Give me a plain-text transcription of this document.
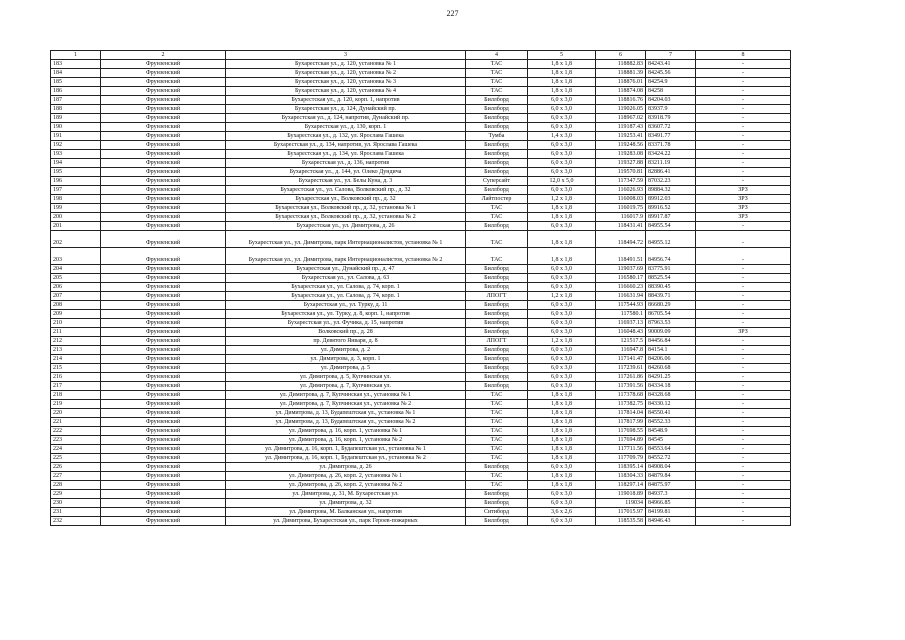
227
1	2	3	4	5	6	7	8
183	Фрунзенский	Бухарестская ул., д. 120, установка № 1	ТАС	1,8 х 1,8	118882.83	84243.41	-
184	Фрунзенский	Бухарестская ул., д. 120, установка № 2	ТАС	1,8 х 1,8	118881.39	84245.56	-
185	Фрунзенский	Бухарестская ул., д. 120, установка № 3	ТАС	1,8 х 1,8	118876.01	84254.9	-
186	Фрунзенский	Бухарестская ул., д. 120, установка № 4	ТАС	1,8 х 1,8	118874.08	84258	-
187	Фрунзенский	Бухарестская ул., д. 120, корп. 1, напротив	Биллборд	6,0 х 3,0	118816.76	84204.03	-
188	Фрунзенский	Бухарестская ул., д. 124, Дунайский пр.	Биллборд	6,0 х 3,0	119026.05	83937.9	-
189	Фрунзенский	Бухарестская ул., д. 124, напротив, Дунайский пр.	Биллборд	6,0 х 3,0	118967.02	83918.79	-
190	Фрунзенский	Бухарестская ул., д. 130, корп. 1	Биллборд	6,0 х 3,0	119187.43	83607.72	-
191	Фрунзенский	Бухарестская ул., д. 132, ул. Ярослава Гашека	Тумба	1,4 х 3,0	119253.41	83491.77	-
192	Фрунзенский	Бухарестская ул., д. 134, напротив, ул. Ярослава Гашека	Биллборд	6,0 х 3,0	119248.56	83371.78	-
193	Фрунзенский	Бухарестская ул., д. 134, ул. Ярослава Гашека	Биллборд	6,0 х 3,0	119283.08	83424.22	-
194	Фрунзенский	Бухарестская ул., д. 136, напротив	Биллборд	6,0 х 3,0	119327.88	83211.19	-
195	Фрунзенский	Бухарестская ул., д. 144, ул. Олеко Дундича	Биллборд	6,0 х 3,0	119570.81	82886.41	-
196	Фрунзенский	Бухарестская ул., ул. Белы Куна, д. 3	Суперсайт	12,0 х 5,0	117347.59	87032.23	-
197	Фрунзенский	Бухарестская ул., ул. Салова, Волковский пр., д. 32	Биллборд	6,0 х 3,0	116026.93	89884.32	ЗРЗ
198	Фрунзенский	Бухарестская ул., Волковский пр., д. 32	Лайтпостер	1,2 х 1,8	116008.03	89912.03	ЗРЗ
199	Фрунзенский	Бухарестская ул., Волковский пр., д. 32, установка № 1	ТАС	1,8 х 1,8	116019.75	89916.52	ЗРЗ
200	Фрунзенский	Бухарестская ул., Волковский пр., д. 32, установка № 2	ТАС	1,8 х 1,8	116017.9	89917.87	ЗРЗ
201	Фрунзенский	Бухарестская ул., ул. Димитрова, д. 26	Биллборд	6,0 х 3,0	118431.41	84955.54	-
202	Фрунзенский	Бухарестская ул., ул. Димитрова, парк Интернационалистов, установка № 1	ТАС	1,8 х 1,8	118494.72	84955.12	-
203	Фрунзенский	Бухарестская ул., ул. Димитрова, парк Интернационалистов, установка № 2	ТАС	1,8 х 1,8	118491.51	84956.74	-
204	Фрунзенский	Бухарестская ул., Дунайский пр., д. 47	Биллборд	6,0 х 3,0	119037.69	83775.91	-
205	Фрунзенский	Бухарестская ул., ул. Салова, д. 63	Биллборд	6,0 х 3,0	116580.17	88525.54	-
206	Фрунзенский	Бухарестская ул., ул. Салова, д. 74, корп. 1	Биллборд	6,0 х 3,0	116660.23	88390.45	-
207	Фрунзенский	Бухарестская ул., ул. Салова, д. 74, корп. 1	ЛПОГТ	1,2 х 1,8	116631.94	88439.71	-
208	Фрунзенский	Бухарестская ул., ул. Турку, д. 11	Биллборд	6,0 х 3,0	117544.93	86680.29	-
209	Фрунзенский	Бухарестская ул., ул. Турку, д. 8, корп. 1, напротив	Биллборд	6,0 х 3,0	117580.1	86705.54	-
210	Фрунзенский	Бухарестская ул., ул. Фучика, д. 15, напротив	Биллборд	6,0 х 3,0	116937.13	87963.53	-
211	Фрунзенский	Волковский пр., д. 28	Биллборд	6,0 х 3,0	116048.43	90009.09	ЗРЗ
212	Фрунзенский	пр. Девятого Января, д. 8	ЛПОГТ	1,2 х 1,8	121517.5	84456.84	-
213	Фрунзенский	ул. Димитрова, д. 2	Биллборд	6,0 х 3,0	116947.8	84154.1	-
214	Фрунзенский	ул. Димитрова, д. 3, корп. 1	Биллборд	6,0 х 3,0	117141.47	84206.06	-
215	Фрунзенский	ул. Димитрова, д. 5	Биллборд	6,0 х 3,0	117239.61	84260.68	-
216	Фрунзенский	ул. Димитрова, д. 5, Купчинская ул.	Биллборд	6,0 х 3,0	117261.86	84291.25	-
217	Фрунзенский	ул. Димитрова, д. 7, Купчинская ул.	Биллборд	6,0 х 3,0	117391.56	84334.18	-
218	Фрунзенский	ул. Димитрова, д. 7, Купчинская ул., установка № 1	ТАС	1,8 х 1,8	117378.68	84328.68	-
219	Фрунзенский	ул. Димитрова, д. 7, Купчинская ул., установка № 2	ТАС	1,8 х 1,8	117382.75	84330.12	-
220	Фрунзенский	ул. Димитрова, д. 13, Будапештская ул., установка № 1	ТАС	1,8 х 1,8	117814.04	84550.41	-
221	Фрунзенский	ул. Димитрова, д. 13, Будапештская ул., установка № 2	ТАС	1,8 х 1,8	117817.99	84552.33	-
222	Фрунзенский	ул. Димитрова, д. 16, корп. 1, установка № 1	ТАС	1,8 х 1,8	117698.55	84548.9	-
223	Фрунзенский	ул. Димитрова, д. 16, корп. 1, установка № 2	ТАС	1,8 х 1,8	117694.89	84545	-
224	Фрунзенский	ул. Димитрова, д. 16, корп. 1, Будапештская ул., установка № 1	ТАС	1,8 х 1,8	117711.56	84553.64	-
225	Фрунзенский	ул. Димитрова, д. 16, корп. 1, Будапештская ул., установка № 2	ТАС	1,8 х 1,8	117709.79	84552.72	-
226	Фрунзенский	ул. Димитрова, д. 26	Биллборд	6,0 х 3,0	118395.14	84908.04	-
227	Фрунзенский	ул. Димитрова, д. 26, корп. 2, установка № 1	ТАС	1,8 х 1,8	118304.33	84879.84	-
228	Фрунзенский	ул. Димитрова, д. 26, корп. 2, установка № 2	ТАС	1,8 х 1,8	118297.14	84875.97	-
229	Фрунзенский	ул. Димитрова, д. 31, М. Бухарестская ул.	Биллборд	6,0 х 3,0	119018.89	84937.3	-
230	Фрунзенский	ул. Димитрова, д. 32	Биллборд	6,0 х 3,0	119034	84966.85	-
231	Фрунзенский	ул. Димитрова, М. Балканская ул., напротив	Ситиборд	3,6 х 2,6	117015.97	84199.81	-
232	Фрунзенский	ул. Димитрова, Бухарестская ул., парк Героев-пожарных	Биллборд	6,0 х 3,0	118535.58	84946.43	-
